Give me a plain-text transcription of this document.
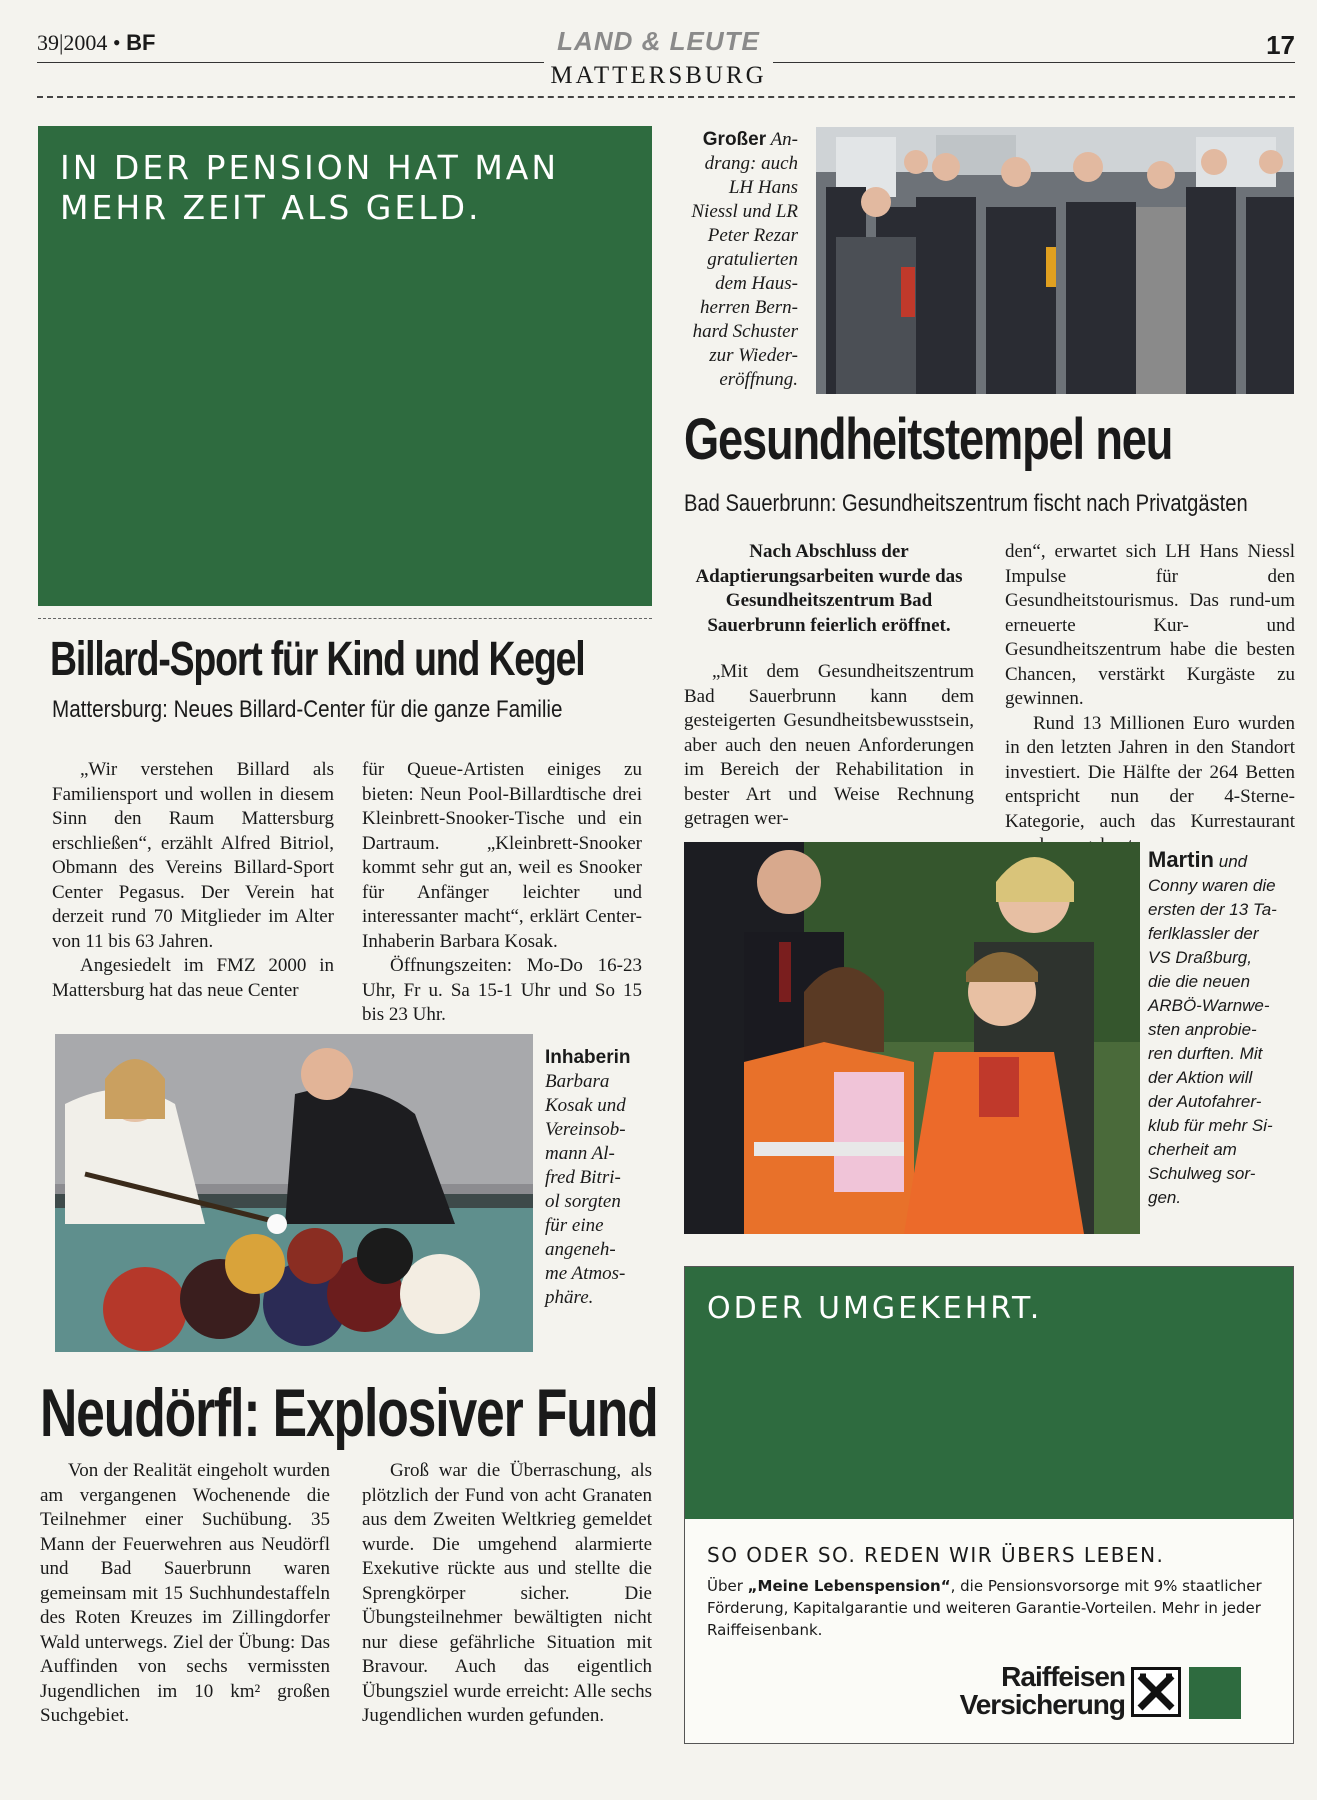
39|2004 • BF	LAND & LEUTE
MATTERSBURG
17
IN DER PENSION HAT MAN
MEHR ZEIT ALS GELD.
Großer An-
drang: auch
LH Hans
Niessl und LR
Peter Rezar
gratulierten
dem Haus-
herren Bern-
hard Schuster
zur Wieder-
eröffnung.
Gesundheitstempel neu
Bad Sauerbrunn: Gesundheitszentrum fischt nach Privatgästen

Nach Abschluss der Adaptierungsarbeiten wurde das Gesundheitszentrum Bad Sauerbrunn feierlich eröffnet.

„Mit dem Gesundheitszentrum Bad Sauerbrunn kann dem gesteigerten Gesundheitsbewusstsein, aber auch den neuen Anforderungen im Bereich der Rehabilitation in bester Art und Weise Rechnung getragen wer-

den“, erwartet sich LH Hans Niessl Impulse für den Gesundheitstourismus. Das rund-um erneuerte Kur- und Gesundheitszentrum habe die besten Chancen, verstärkt Kurgäste zu gewinnen.

Rund 13 Millionen Euro wurden in den letzten Jahren in den Standort investiert. Die Hälfte der 264 Betten entspricht nun der 4-Sterne-Kategorie, auch das Kurrestaurant

Billard-Sport für Kind und Kegel
Mattersburg: Neues Billard-Center für die ganze Familie

„Wir verstehen Billard als Familiensport und wollen in diesem Sinn den Raum Mattersburg erschließen“, erzählt Alfred Bitriol, Obmann des Vereins Billard-Sport Center Pegasus. Der Verein hat derzeit rund 70 Mitglieder im Alter von 11 bis 63 Jahren.

Angesiedelt im FMZ 2000 in Mattersburg hat das neue Center

für Queue-Artisten einiges zu bieten: Neun Pool-Billardtische drei Kleinbrett-Snooker-Tische und ein Dartraum. „Kleinbrett-Snooker kommt sehr gut an, weil es Snooker für Anfänger leichter und interessanter macht“, erklärt Center-Inhaberin Barbara Kosak.

Öffnungszeiten: Mo-Do 16-23 Uhr, Fr u. Sa 15-1 Uhr und So 15 bis 23 Uhr.

Inhaberin
Barbara
Kosak und
Vereinsob-
mann Al-
fred Bitri-
ol sorgten
für eine
angeneh-
me Atmos-
phäre.
Martin und
Conny waren die
ersten der 13 Ta-
ferlklassler der
VS Draßburg,
die die neuen
ARBÖ-Warnwe-
sten anprobie-
ren durften. Mit
der Aktion will
der Autofahrer-
klub für mehr Si-
cherheit am
Schulweg sor-
gen.
Neudörfl: Explosiver Fund

Von der Realität eingeholt wurden am vergangenen Wochenende die Teilnehmer einer Suchübung. 35 Mann der Feuerwehren aus Neudörfl und Bad Sauerbrunn waren gemeinsam mit 15 Suchhundestaffeln des Roten Kreuzes im Zillingdorfer Wald unterwegs. Ziel der Übung: Das Auffinden von sechs vermissten Jugendlichen im 10 km² großen Suchgebiet.

Groß war die Überraschung, als plötzlich der Fund von acht Granaten aus dem Zweiten Weltkrieg gemeldet wurde. Die umgehend alarmierte Exekutive rückte aus und stellte die Sprengkörper sicher. Die Übungsteilnehmer bewältigten nicht nur diese gefährliche Situation mit Bravour. Auch das eigentlich Übungsziel wurde erreicht: Alle sechs Jugendlichen wurden gefunden.

ODER UMGEKEHRT.
SO ODER SO. REDEN WIR ÜBERS LEBEN.
Über „Meine Lebenspension“, die Pensionsvorsorge mit 9% staatlicher Förderung, Kapitalgarantie und weiteren Garantie-Vorteilen. Mehr in jeder Raiffeisenbank.
Raiffeisen
Versicherung
